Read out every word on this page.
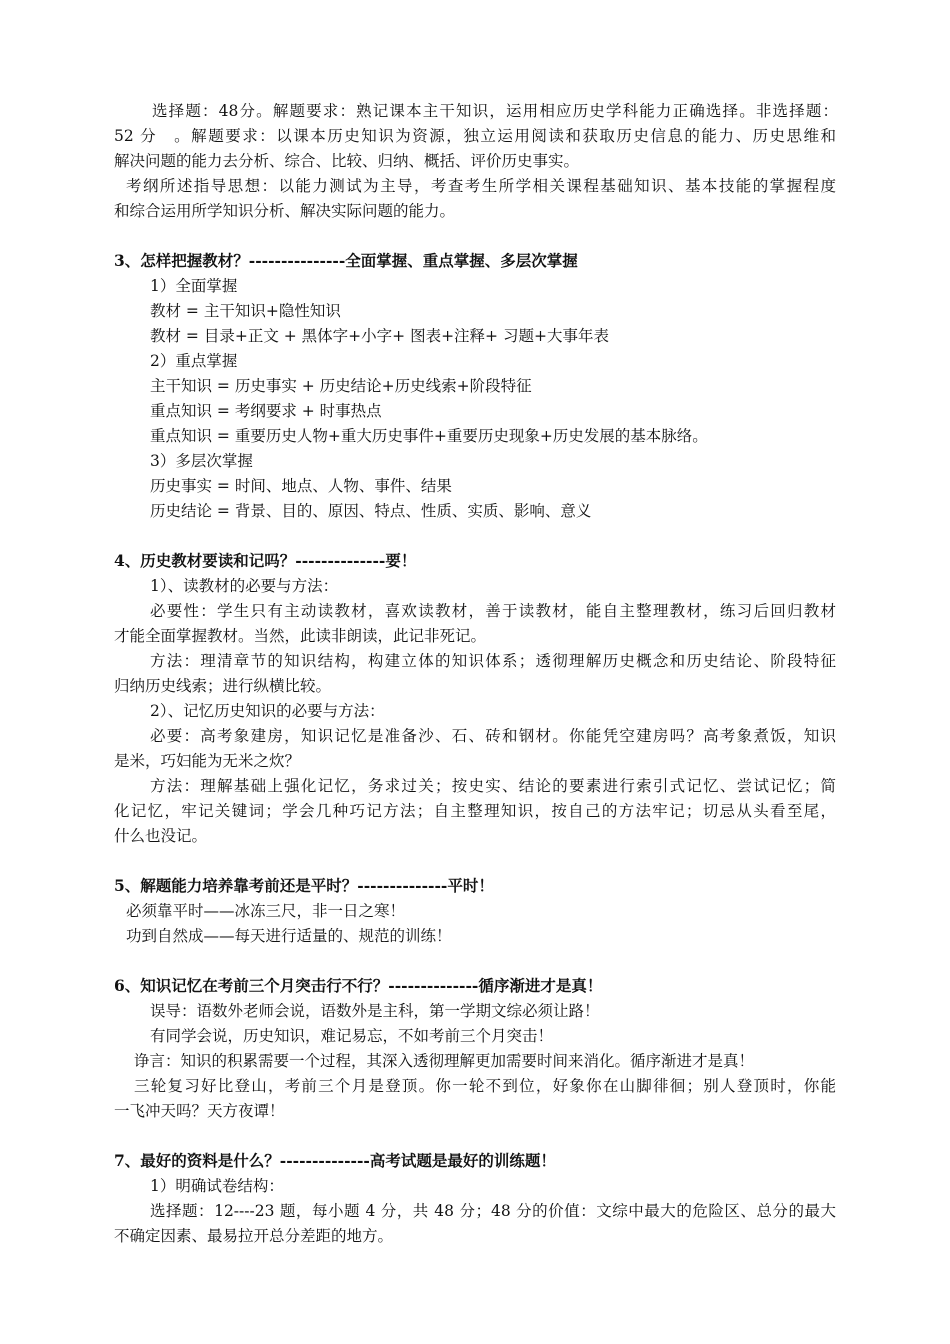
选择题：48分。解题要求：熟记课本主干知识，运用相应历史学科能力正确选择。非选择题：
52 分　。解题要求：以课本历史知识为资源，独立运用阅读和获取历史信息的能力、历史思维和
解决问题的能力去分析、综合、比较、归纳、概括、评价历史事实。
考纲所述指导思想：以能力测试为主导，考查考生所学相关课程基础知识、基本技能的掌握程度
和综合运用所学知识分析、解决实际问题的能力。
3、怎样把握教材？---------------全面掌握、重点掌握、多层次掌握
1）全面掌握
教材 = 主干知识+隐性知识
教材 = 目录+正文 + 黑体字+小字+ 图表+注释+ 习题+大事年表
2）重点掌握
主干知识 = 历史事实 + 历史结论+历史线索+阶段特征
重点知识 = 考纲要求 + 时事热点
重点知识 = 重要历史人物+重大历史事件+重要历史现象+历史发展的基本脉络。
3）多层次掌握
历史事实 = 时间、地点、人物、事件、结果
历史结论 = 背景、目的、原因、特点、性质、实质、影响、意义
4、历史教材要读和记吗？--------------要！
1）、读教材的必要与方法：
必要性：学生只有主动读教材，喜欢读教材，善于读教材，能自主整理教材，练习后回归教材
才能全面掌握教材。当然，此读非朗读，此记非死记。
方法：理清章节的知识结构，构建立体的知识体系；透彻理解历史概念和历史结论、阶段特征
归纳历史线索；进行纵横比较。
2）、记忆历史知识的必要与方法：
必要：高考象建房，知识记忆是准备沙、石、砖和钢材。你能凭空建房吗？高考象煮饭，知识
是米，巧妇能为无米之炊？
方法：理解基础上强化记忆，务求过关；按史实、结论的要素进行索引式记忆、尝试记忆；简
化记忆，牢记关键词；学会几种巧记方法；自主整理知识，按自己的方法牢记；切忌从头看至尾，
什么也没记。
5、解题能力培养靠考前还是平时？--------------平时！
必须靠平时——冰冻三尺，非一日之寒！
功到自然成——每天进行适量的、规范的训练！
6、知识记忆在考前三个月突击行不行？--------------循序渐进才是真！
误导：语数外老师会说，语数外是主科，第一学期文综必须让路！
有同学会说，历史知识，难记易忘，不如考前三个月突击！
诤言：知识的积累需要一个过程，其深入透彻理解更加需要时间来消化。循序渐进才是真！
三轮复习好比登山，考前三个月是登顶。你一轮不到位，好象你在山脚徘徊；别人登顶时，你能
一飞冲天吗？天方夜谭！
7、最好的资料是什么？--------------高考试题是最好的训练题！
1）明确试卷结构：
选择题：12----23 题，每小题 4 分，共 48 分；48 分的价值：文综中最大的危险区、总分的最大
不确定因素、最易拉开总分差距的地方。
